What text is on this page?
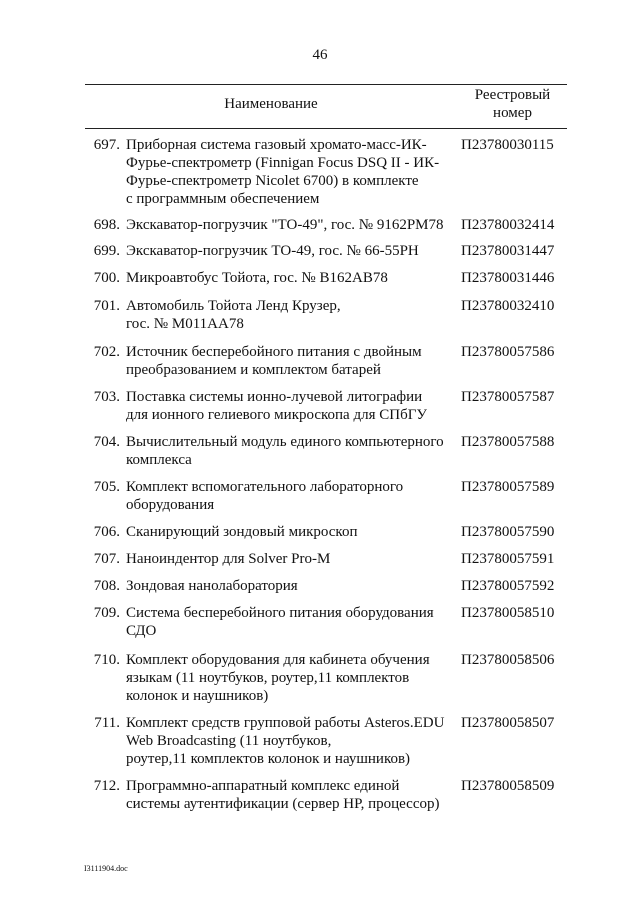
46
Наименование
Реестровый
номер
697. Приборная система газовый хромато-масс-ИК-
Фурье-спектрометр (Finnigan Focus DSQ II - ИК-
Фурье-спектрометр Nicolet 6700) в комплекте
с программным обеспечением
П23780030115
698. Экскаватор-погрузчик "ТО-49", гос. № 9162РМ78	П23780032414
699. Экскаватор-погрузчик ТО-49, гос. № 66-55РН	П23780031447
700. Микроавтобус Тойота, гос. № В162АВ78	П23780031446
701. Автомобиль Тойота Ленд Крузер,
гос. № М011АА78
П23780032410
702. Источник бесперебойного питания с двойным
преобразованием и комплектом батарей
П23780057586
703. Поставка системы ионно-лучевой литографии
для ионного гелиевого микроскопа для СПбГУ
П23780057587
704. Вычислительный модуль единого компьютерного
комплекса
П23780057588
705. Комплект вспомогательного лабораторного
оборудования
П23780057589
706. Сканирующий зондовый микроскоп	П23780057590
707. Наноиндентор для Solver Pro-M	П23780057591
708. Зондовая нанолаборатория	П23780057592
709. Система бесперебойного питания оборудования
СДО
П23780058510
710. Комплект оборудования для кабинета обучения
языкам (11 ноутбуков, роутер,11 комплектов
колонок и наушников)
П23780058506
711. Комплект средств групповой работы Asteros.EDU
Web Broadcasting (11 ноутбуков,
роутер,11 комплектов колонок и наушников)
П23780058507
712. Программно-аппаратный комплекс единой
системы аутентификации (сервер НР, процессор)
П23780058509
I3111904.doc
